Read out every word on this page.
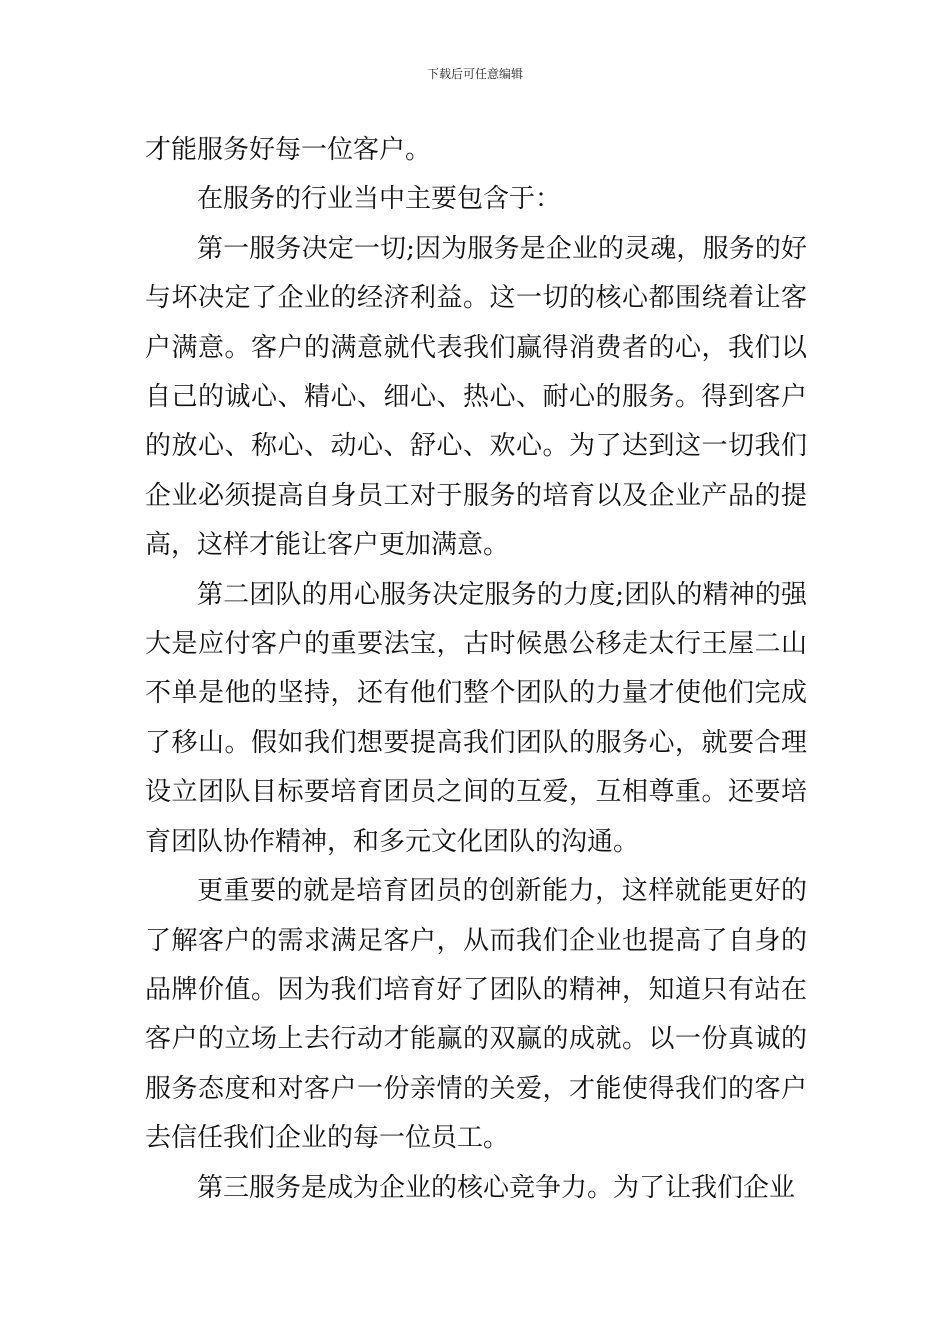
下载后可任意编辑

才能服务好每一位客户。

在服务的行业当中主要包含于：

第一服务决定一切;因为服务是企业的灵魂，服务的好与坏决定了企业的经济利益。这一切的核心都围绕着让客户满意。客户的满意就代表我们赢得消费者的心，我们以自己的诚心、精心、细心、热心、耐心的服务。得到客户的放心、称心、动心、舒心、欢心。为了达到这一切我们企业必须提高自身员工对于服务的培育以及企业产品的提高，这样才能让客户更加满意。

第二团队的用心服务决定服务的力度;团队的精神的强大是应付客户的重要法宝，古时候愚公移走太行王屋二山不单是他的坚持，还有他们整个团队的力量才使他们完成了移山。假如我们想要提高我们团队的服务心，就要合理设立团队目标要培育团员之间的互爱，互相尊重。还要培育团队协作精神，和多元文化团队的沟通。

更重要的就是培育团员的创新能力，这样就能更好的了解客户的需求满足客户，从而我们企业也提高了自身的品牌价值。因为我们培育好了团队的精神，知道只有站在客户的立场上去行动才能赢的双赢的成就。以一份真诚的服务态度和对客户一份亲情的关爱，才能使得我们的客户去信任我们企业的每一位员工。

第三服务是成为企业的核心竞争力。为了让我们企业
